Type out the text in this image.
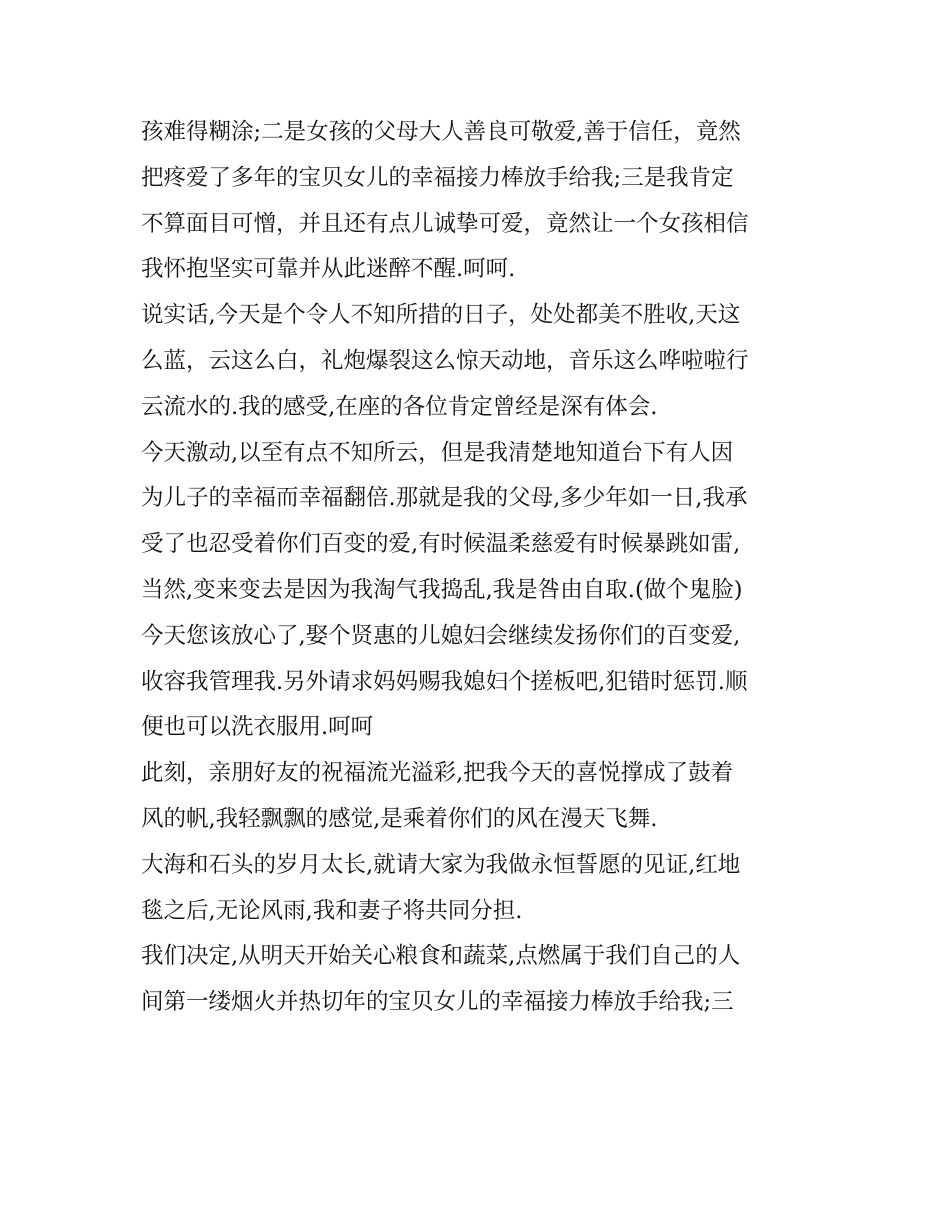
孩难得糊涂;二是女孩的父母大人善良可敬爱,善于信任，竟然
把疼爱了多年的宝贝女儿的幸福接力棒放手给我;三是我肯定
不算面目可憎，并且还有点儿诚挚可爱，竟然让一个女孩相信
我怀抱坚实可靠并从此迷醉不醒.呵呵.
说实话,今天是个令人不知所措的日子，处处都美不胜收,天这
么蓝，云这么白，礼炮爆裂这么惊天动地，音乐这么哗啦啦行
云流水的.我的感受,在座的各位肯定曾经是深有体会.
今天激动,以至有点不知所云，但是我清楚地知道台下有人因
为儿子的幸福而幸福翻倍.那就是我的父母,多少年如一日,我承
受了也忍受着你们百变的爱,有时候温柔慈爱有时候暴跳如雷,
当然,变来变去是因为我淘气我捣乱,我是咎由自取.(做个鬼脸)
今天您该放心了,娶个贤惠的儿媳妇会继续发扬你们的百变爱,
收容我管理我.另外请求妈妈赐我媳妇个搓板吧,犯错时惩罚.顺
便也可以洗衣服用.呵呵
此刻，亲朋好友的祝福流光溢彩,把我今天的喜悦撑成了鼓着
风的帆,我轻飘飘的感觉,是乘着你们的风在漫天飞舞.
大海和石头的岁月太长,就请大家为我做永恒誓愿的见证,红地
毯之后,无论风雨,我和妻子将共同分担.
我们决定,从明天开始关心粮食和蔬菜,点燃属于我们自己的人
间第一缕烟火并热切年的宝贝女儿的幸福接力棒放手给我;三
